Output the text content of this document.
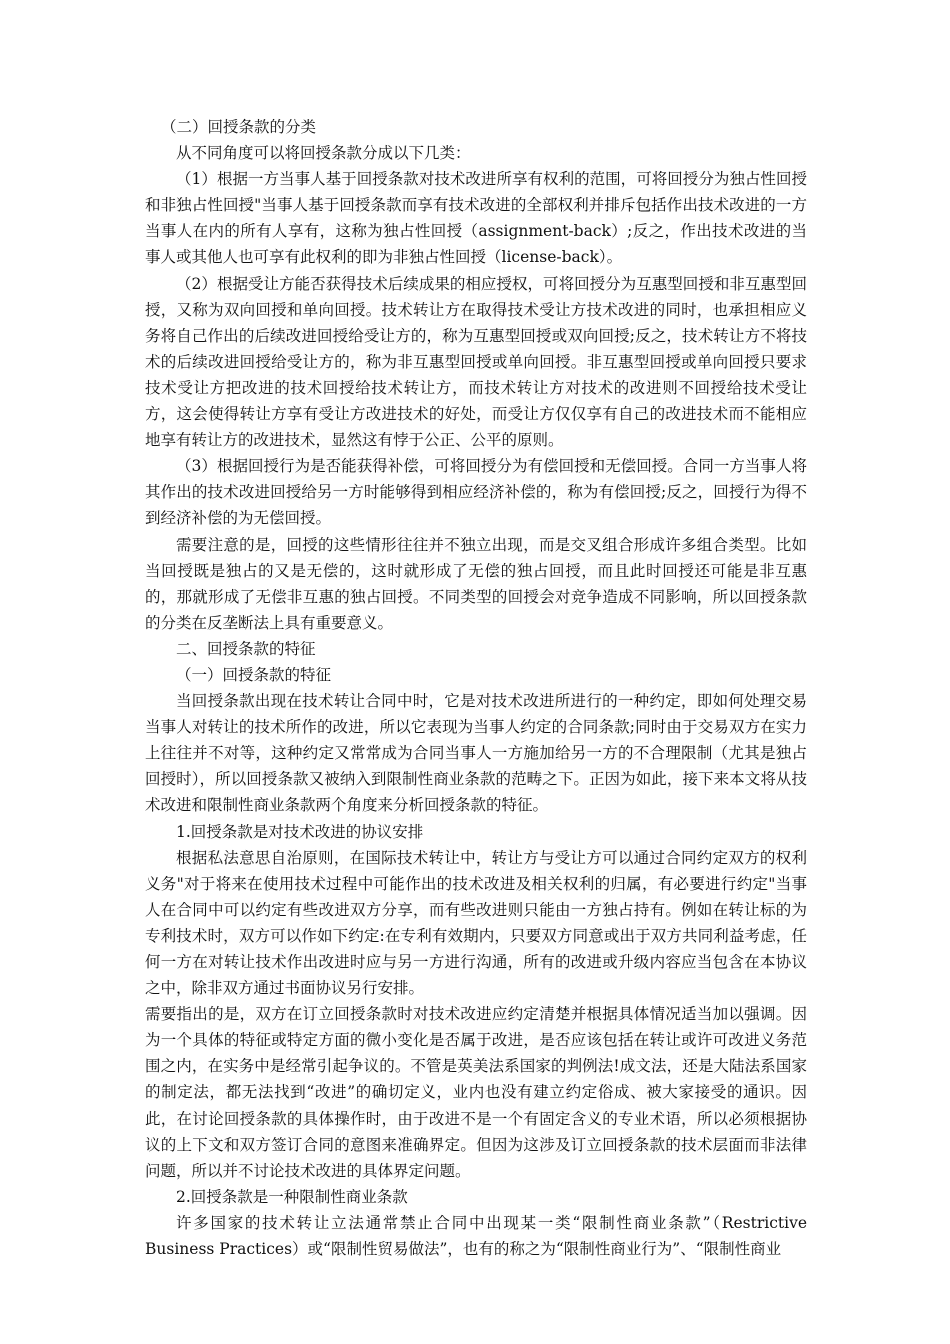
（二）回授条款的分类

从不同角度可以将回授条款分成以下几类：

（1）根据一方当事人基于回授条款对技术改进所享有权利的范围，可将回授分为独占性回授和非独占性回授"当事人基于回授条款而享有技术改进的全部权利并排斥包括作出技术改进的一方当事人在内的所有人享有，这称为独占性回授（assignment-back）;反之，作出技术改进的当事人或其他人也可享有此权利的即为非独占性回授（license-back）。

（2）根据受让方能否获得技术后续成果的相应授权，可将回授分为互惠型回授和非互惠型回授，又称为双向回授和单向回授。技术转让方在取得技术受让方技术改进的同时，也承担相应义务将自己作出的后续改进回授给受让方的，称为互惠型回授或双向回授;反之，技术转让方不将技术的后续改进回授给受让方的，称为非互惠型回授或单向回授。非互惠型回授或单向回授只要求技术受让方把改进的技术回授给技术转让方，而技术转让方对技术的改进则不回授给技术受让方，这会使得转让方享有受让方改进技术的好处，而受让方仅仅享有自己的改进技术而不能相应地享有转让方的改进技术，显然这有悖于公正、公平的原则。

（3）根据回授行为是否能获得补偿，可将回授分为有偿回授和无偿回授。合同一方当事人将其作出的技术改进回授给另一方时能够得到相应经济补偿的，称为有偿回授;反之，回授行为得不到经济补偿的为无偿回授。

需要注意的是，回授的这些情形往往并不独立出现，而是交叉组合形成许多组合类型。比如当回授既是独占的又是无偿的，这时就形成了无偿的独占回授，而且此时回授还可能是非互惠的，那就形成了无偿非互惠的独占回授。不同类型的回授会对竞争造成不同影响，所以回授条款的分类在反垄断法上具有重要意义。

二、回授条款的特征

（一）回授条款的特征

当回授条款出现在技术转让合同中时，它是对技术改进所进行的一种约定，即如何处理交易当事人对转让的技术所作的改进，所以它表现为当事人约定的合同条款;同时由于交易双方在实力上往往并不对等，这种约定又常常成为合同当事人一方施加给另一方的不合理限制（尤其是独占回授时），所以回授条款又被纳入到限制性商业条款的范畴之下。正因为如此，接下来本文将从技术改进和限制性商业条款两个角度来分析回授条款的特征。

1.回授条款是对技术改进的协议安排

根据私法意思自治原则，在国际技术转让中，转让方与受让方可以通过合同约定双方的权利义务"对于将来在使用技术过程中可能作出的技术改进及相关权利的归属，有必要进行约定"当事人在合同中可以约定有些改进双方分享，而有些改进则只能由一方独占持有。例如在转让标的为专利技术时，双方可以作如下约定:在专利有效期内，只要双方同意或出于双方共同利益考虑，任何一方在对转让技术作出改进时应与另一方进行沟通，所有的改进或升级内容应当包含在本协议之中，除非双方通过书面协议另行安排。

需要指出的是，双方在订立回授条款时对技术改进应约定清楚并根据具体情况适当加以强调。因为一个具体的特征或特定方面的微小变化是否属于改进，是否应该包括在转让或许可改进义务范围之内，在实务中是经常引起争议的。不管是英美法系国家的判例法!成文法，还是大陆法系国家的制定法，都无法找到“改进”的确切定义，业内也没有建立约定俗成、被大家接受的通识。因此，在讨论回授条款的具体操作时，由于改进不是一个有固定含义的专业术语，所以必须根据协议的上下文和双方签订合同的意图来准确界定。但因为这涉及订立回授条款的技术层面而非法律问题，所以并不讨论技术改进的具体界定问题。

2.回授条款是一种限制性商业条款

许多国家的技术转让立法通常禁止合同中出现某一类“限制性商业条款”（Restrictive Business Practices）或“限制性贸易做法”，也有的称之为“限制性商业行为”、“限制性商业
